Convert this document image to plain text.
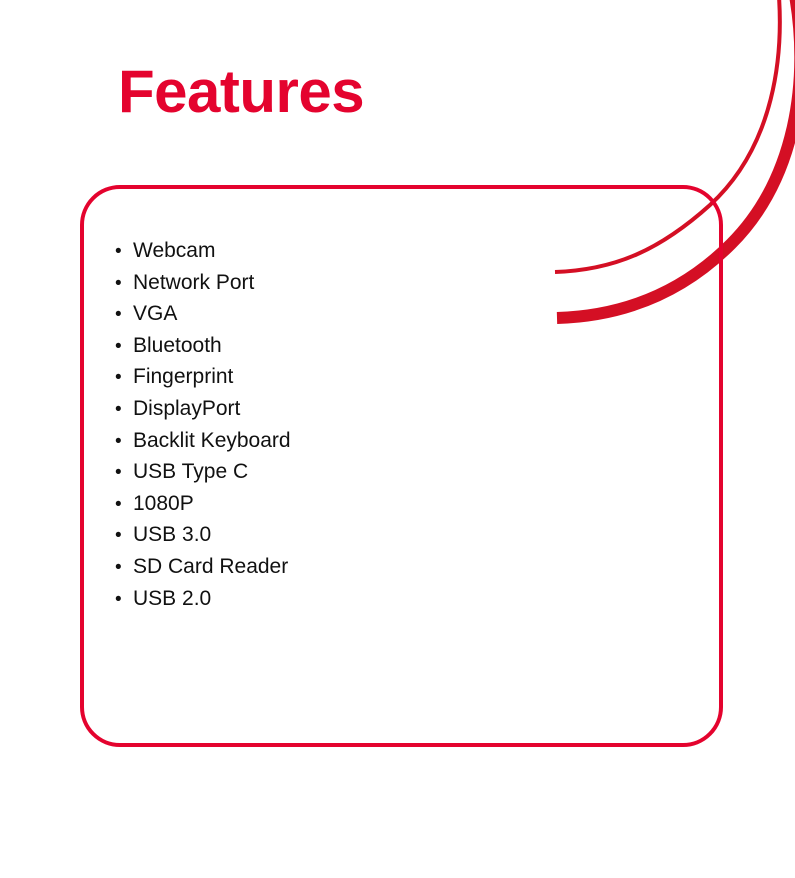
Features
• Webcam
• Network Port
• VGA
• Bluetooth
• Fingerprint
• DisplayPort
• Backlit Keyboard
• USB Type C
• 1080P
• USB 3.0
• SD Card Reader
• USB 2.0
